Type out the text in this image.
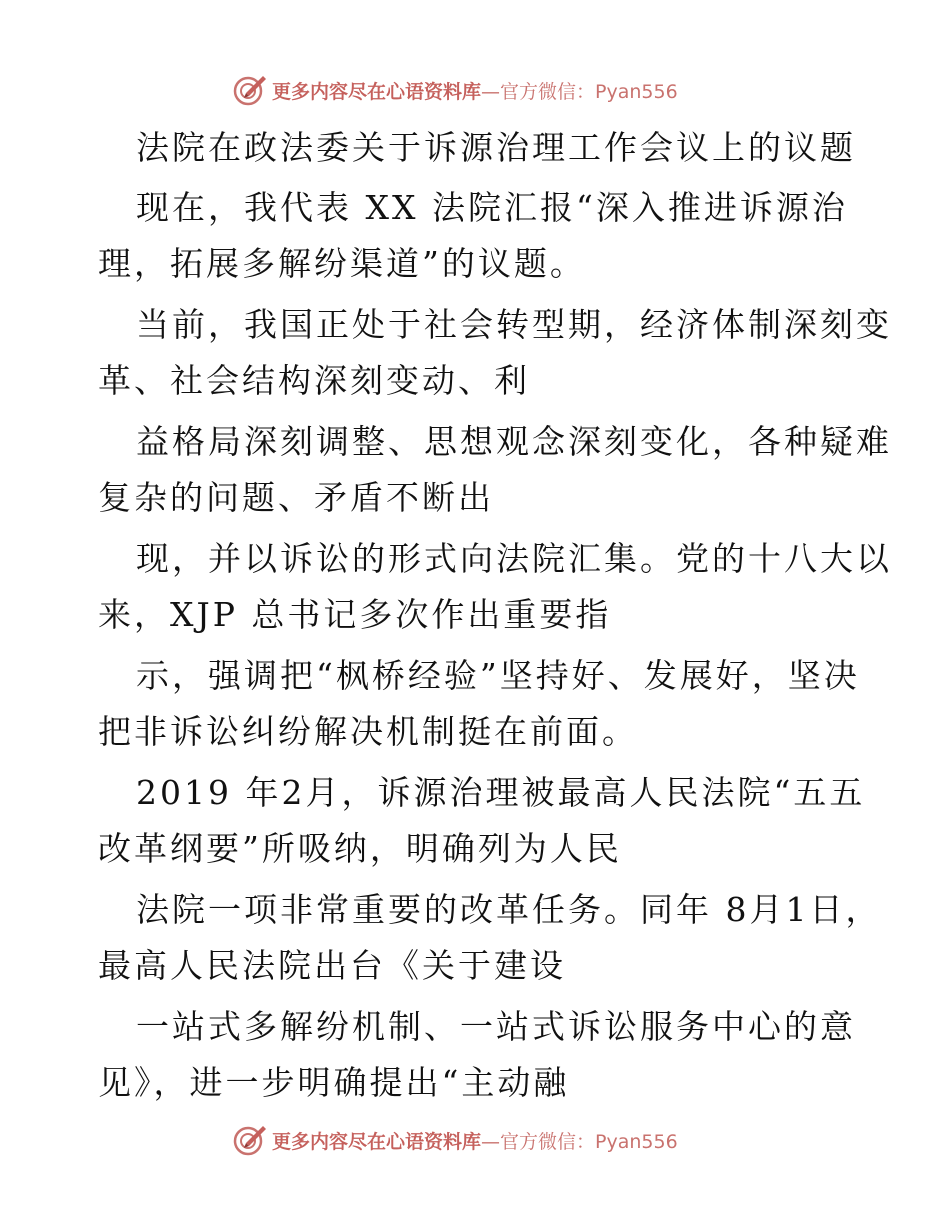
更多内容尽在心语资料库—官方微信：Pyan556
法院在政法委关于诉源治理工作会议上的议题
现在，我代表 XX 法院汇报“深入推进诉源治
理，拓展多解纷渠道”的议题。
当前，我国正处于社会转型期，经济体制深刻变
革、社会结构深刻变动、利
益格局深刻调整、思想观念深刻变化，各种疑难
复杂的问题、矛盾不断出
现，并以诉讼的形式向法院汇集。党的十八大以
来，XJP 总书记多次作出重要指
示，强调把“枫桥经验”坚持好、发展好，坚决
把非诉讼纠纷解决机制挺在前面。
2019 年2月，诉源治理被最高人民法院“五五
改革纲要”所吸纳，明确列为人民
法院一项非常重要的改革任务。同年 8月1日，
最高人民法院出台《关于建设
一站式多解纷机制、一站式诉讼服务中心的意
见》，进一步明确提出“主动融
更多内容尽在心语资料库—官方微信：Pyan556
